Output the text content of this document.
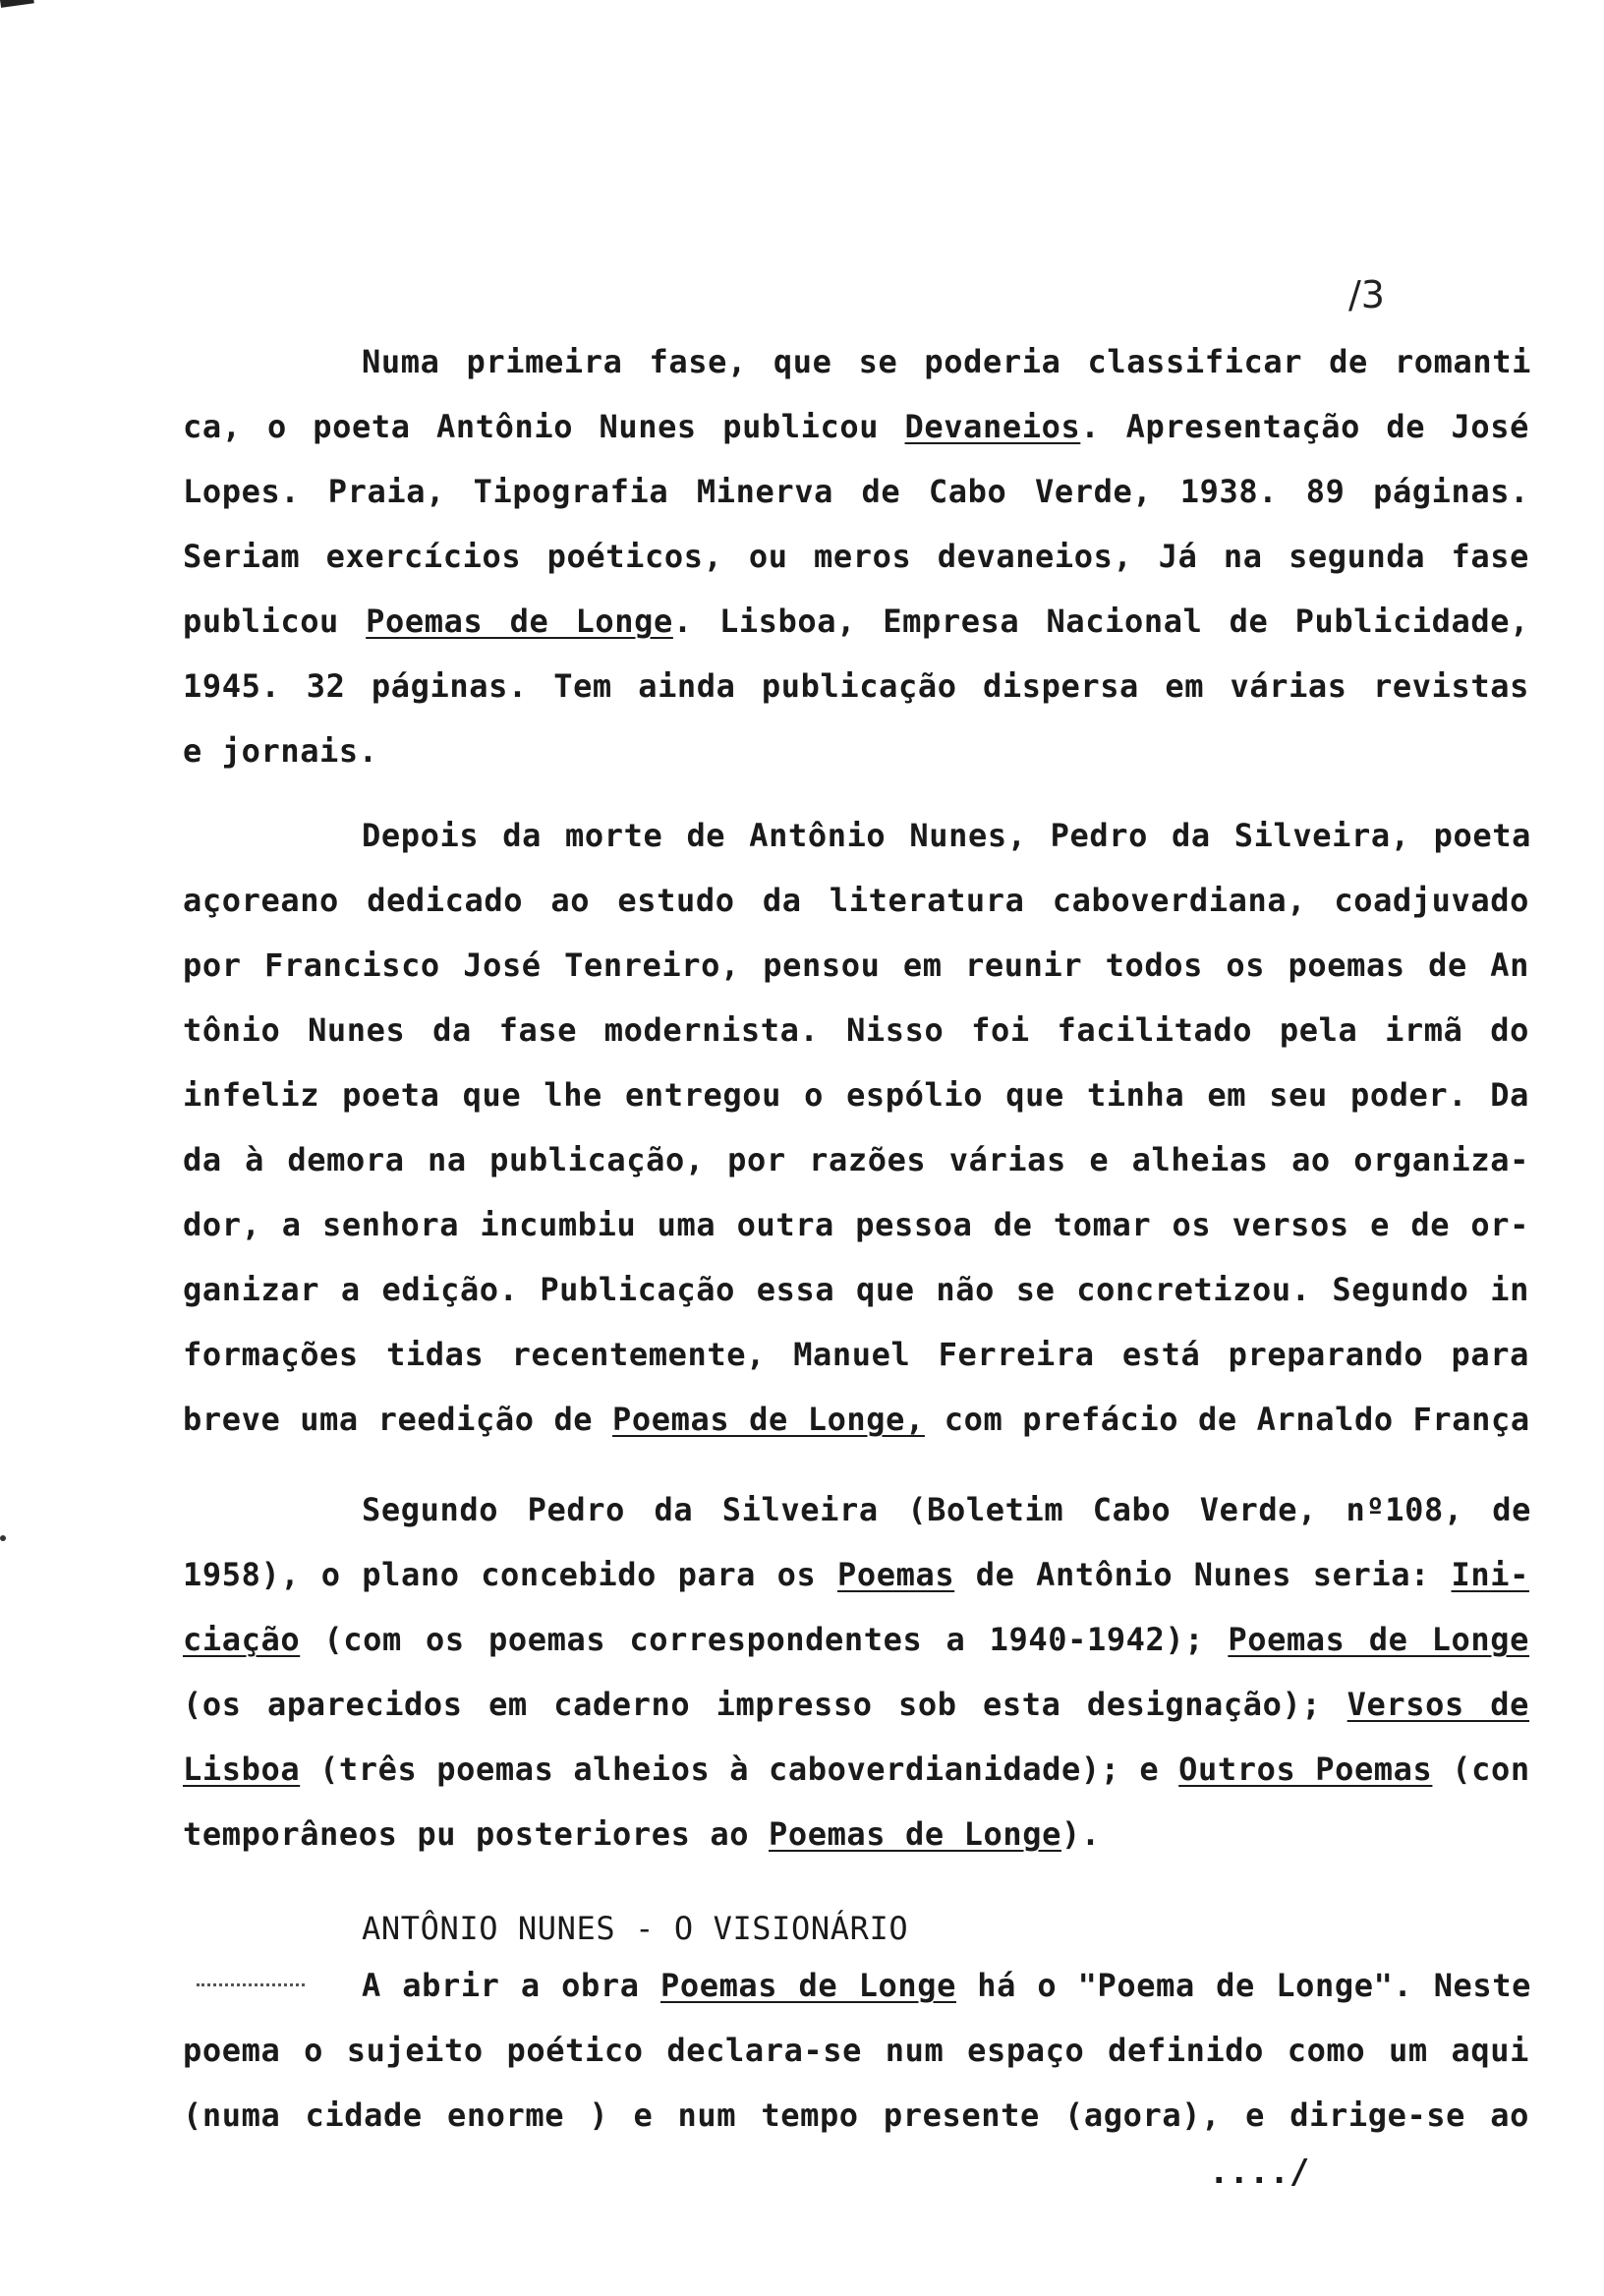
/3
Numa primeira fase, que se poderia classificar de romanti
ca, o poeta Antônio Nunes publicou Devaneios. Apresentação de José
Lopes. Praia, Tipografia Minerva de Cabo Verde, 1938. 89 páginas.
Seriam exercícios poéticos, ou meros devaneios, Já na segunda fase
publicou Poemas de Longe. Lisboa, Empresa Nacional de Publicidade,
1945. 32 páginas. Tem ainda publicação dispersa em várias revistas
e jornais.
Depois da morte de Antônio Nunes, Pedro da Silveira, poeta
açoreano dedicado ao estudo da literatura caboverdiana, coadjuvado
por Francisco José Tenreiro, pensou em reunir todos os poemas de An
tônio Nunes da fase modernista. Nisso foi facilitado pela irmã do
infeliz poeta que lhe entregou o espólio que tinha em seu poder. Da
da à demora na publicação, por razões várias e alheias ao organiza-
dor, a senhora incumbiu uma outra pessoa de tomar os versos e de or-
ganizar a edição. Publicação essa que não se concretizou. Segundo in
formações tidas recentemente, Manuel Ferreira está preparando para
breve uma reedição de Poemas de Longe, com prefácio de Arnaldo França
Segundo Pedro da Silveira (Boletim Cabo Verde, nº108, de
1958), o plano concebido para os Poemas de Antônio Nunes seria: Ini-
ciação (com os poemas correspondentes a 1940-1942); Poemas de Longe
(os aparecidos em caderno impresso sob esta designação); Versos de
Lisboa (três poemas alheios à caboverdianidade); e Outros Poemas (con
temporâneos pu posteriores ao Poemas de Longe).
ANTÔNIO NUNES - O VISIONÁRIO
A abrir a obra Poemas de Longe há o "Poema de Longe". Neste
poema o sujeito poético declara-se num espaço definido como um aqui
(numa cidade enorme ) e num tempo presente (agora), e dirige-se ao
..../
